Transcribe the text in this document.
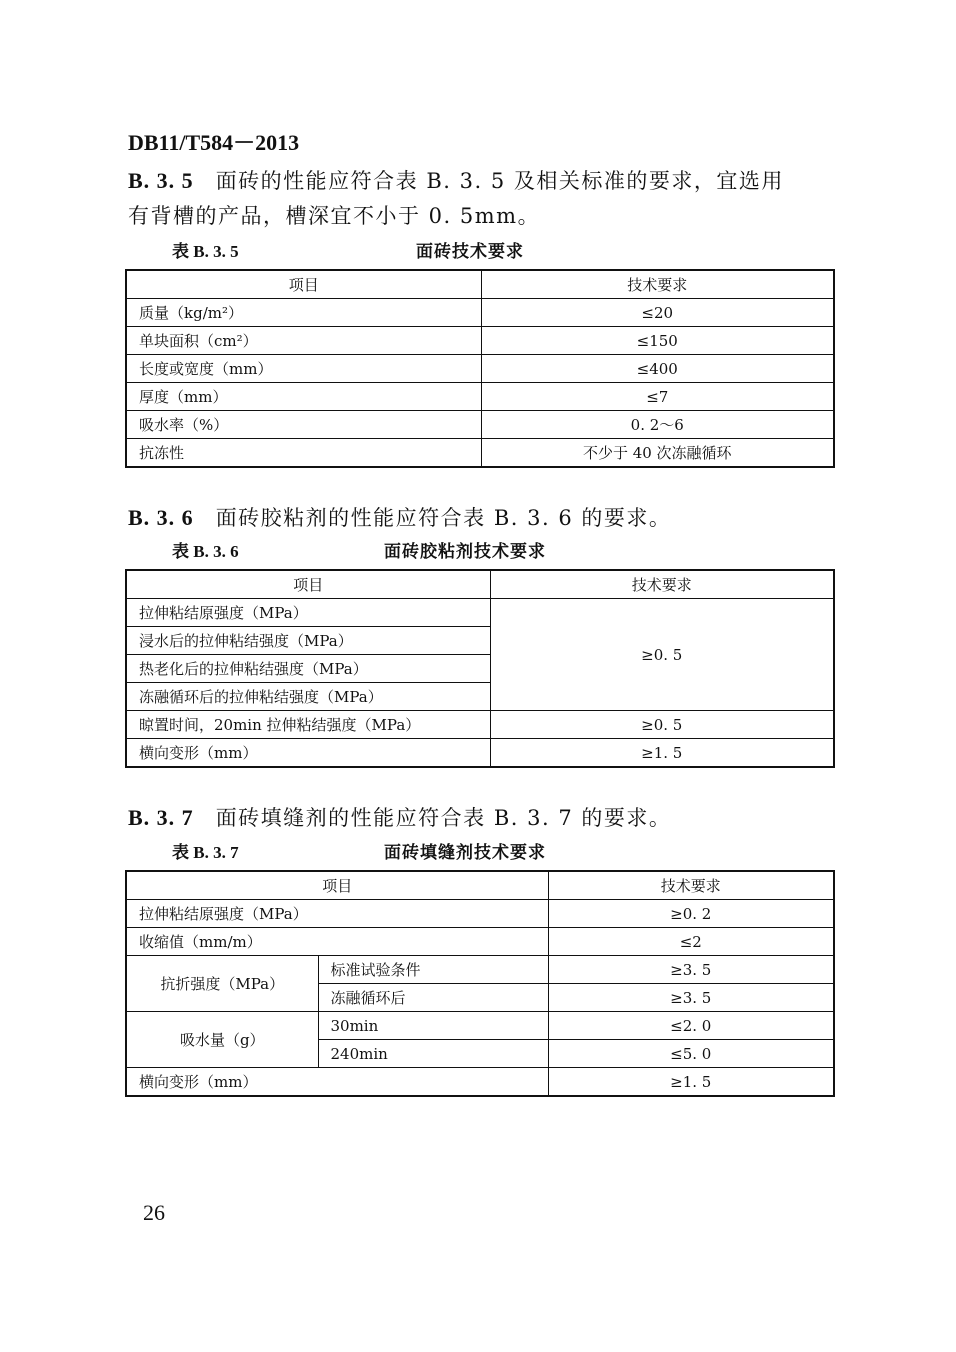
DB11/T584－2013
B. 3. 5 面砖的性能应符合表 B. 3. 5 及相关标准的要求，宜选用
有背槽的产品，槽深宜不小于 0. 5mm。
表 B. 3. 5	面砖技术要求
项目	技术要求
质量（kg/m²）	≤20
单块面积（cm²）	≤150
长度或宽度（mm）	≤400
厚度（mm）	≤7
吸水率（%）	0. 2～6
抗冻性	不少于 40 次冻融循环
B. 3. 6 面砖胶粘剂的性能应符合表 B. 3. 6 的要求。
表 B. 3. 6	面砖胶粘剂技术要求
项目	技术要求
拉伸粘结原强度（MPa）	≥0. 5
浸水后的拉伸粘结强度（MPa）	
热老化后的拉伸粘结强度（MPa）	
冻融循环后的拉伸粘结强度（MPa）	
晾置时间，20min 拉伸粘结强度（MPa）	≥0. 5
横向变形（mm）	≥1. 5
B. 3. 7 面砖填缝剂的性能应符合表 B. 3. 7 的要求。
表 B. 3. 7	面砖填缝剂技术要求
项目		技术要求
拉伸粘结原强度（MPa）		≥0. 2
收缩值（mm/m）		≤2
抗折强度（MPa）	标准试验条件	≥3. 5
	冻融循环后	≥3. 5
吸水量（g）	30min	≤2. 0
	240min	≤5. 0
横向变形（mm）		≥1. 5
26
